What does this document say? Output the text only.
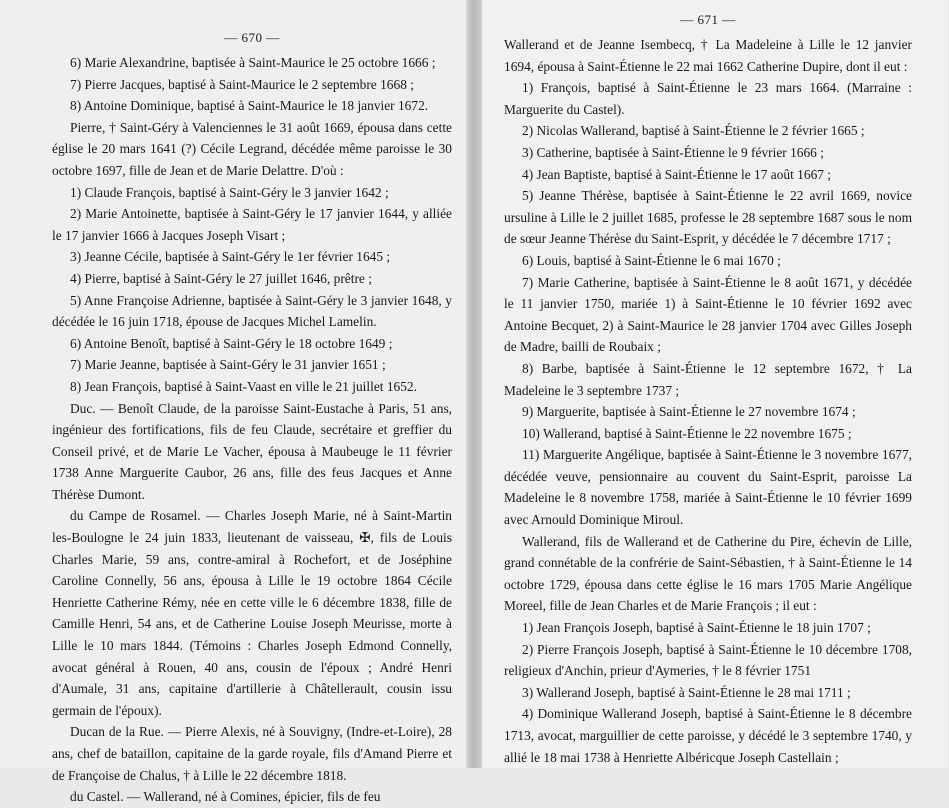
— 670 —

6) Marie Alexandrine, baptisée à Saint-Maurice le 25 octobre 1666 ;

7) Pierre Jacques, baptisé à Saint-Maurice le 2 septembre 1668 ;

8) Antoine Dominique, baptisé à Saint-Maurice le 18 janvier 1672.

Pierre, † Saint-Géry à Valenciennes le 31 août 1669, épousa dans cette église le 20 mars 1641 (?) Cécile Legrand, décédée même paroisse le 30 octobre 1697, fille de Jean et de Marie Delattre. D'où :

1) Claude François, baptisé à Saint-Géry le 3 janvier 1642 ;

2) Marie Antoinette, baptisée à Saint-Géry le 17 janvier 1644, y alliée le 17 janvier 1666 à Jacques Joseph Visart ;

3) Jeanne Cécile, baptisée à Saint-Géry le 1er février 1645 ;

4) Pierre, baptisé à Saint-Géry le 27 juillet 1646, prêtre ;

5) Anne Françoise Adrienne, baptisée à Saint-Géry le 3 janvier 1648, y décédée le 16 juin 1718, épouse de Jacques Michel Lamelin.

6) Antoine Benoît, baptisé à Saint-Géry le 18 octobre 1649 ;

7) Marie Jeanne, baptisée à Saint-Géry le 31 janvier 1651 ;

8) Jean François, baptisé à Saint-Vaast en ville le 21 juillet 1652.

Duc. — Benoît Claude, de la paroisse Saint-Eustache à Paris, 51 ans, ingénieur des fortifications, fils de feu Claude, secrétaire et greffier du Conseil privé, et de Marie Le Vacher, épousa à Maubeuge le 11 février 1738 Anne Marguerite Caubor, 26 ans, fille des feus Jacques et Anne Thérèse Dumont.

du Campe de Rosamel. — Charles Joseph Marie, né à Saint-Martin les-Boulogne le 24 juin 1833, lieutenant de vaisseau, ✠, fils de Louis Charles Marie, 59 ans, contre-amiral à Rochefort, et de Joséphine Caroline Connelly, 56 ans, épousa à Lille le 19 octobre 1864 Cécile Henriette Catherine Rémy, née en cette ville le 6 décembre 1838, fille de Camille Henri, 54 ans, et de Catherine Louise Joseph Meurisse, morte à Lille le 10 mars 1844. (Témoins : Charles Joseph Edmond Connelly, avocat général à Rouen, 40 ans, cousin de l'époux ; André Henri d'Aumale, 31 ans, capitaine d'artillerie à Châtellerault, cousin issu germain de l'époux).

Ducan de la Rue. — Pierre Alexis, né à Souvigny, (Indre-et-Loire), 28 ans, chef de bataillon, capitaine de la garde royale, fils d'Amand Pierre et de Françoise de Chalus, † à Lille le 22 décembre 1818.

du Castel. — Wallerand, né à Comines, épicier, fils de feu

— 671 —

Wallerand et de Jeanne Isembecq, † La Madeleine à Lille le 12 janvier 1694, épousa à Saint-Étienne le 22 mai 1662 Catherine Dupire, dont il eut :

1) François, baptisé à Saint-Étienne le 23 mars 1664. (Marraine : Marguerite du Castel).

2) Nicolas Wallerand, baptisé à Saint-Étienne le 2 février 1665 ;

3) Catherine, baptisée à Saint-Étienne le 9 février 1666 ;

4) Jean Baptiste, baptisé à Saint-Étienne le 17 août 1667 ;

5) Jeanne Thérèse, baptisée à Saint-Étienne le 22 avril 1669, novice ursuline à Lille le 2 juillet 1685, professe le 28 septembre 1687 sous le nom de sœur Jeanne Thérèse du Saint-Esprit, y décédée le 7 décembre 1717 ;

6) Louis, baptisé à Saint-Étienne le 6 mai 1670 ;

7) Marie Catherine, baptisée à Saint-Étienne le 8 août 1671, y décédée le 11 janvier 1750, mariée 1) à Saint-Étienne le 10 février 1692 avec Antoine Becquet, 2) à Saint-Maurice le 28 janvier 1704 avec Gilles Joseph de Madre, bailli de Roubaix ;

8) Barbe, baptisée à Saint-Étienne le 12 septembre 1672, † La Madeleine le 3 septembre 1737 ;

9) Marguerite, baptisée à Saint-Étienne le 27 novembre 1674 ;

10) Wallerand, baptisé à Saint-Étienne le 22 novembre 1675 ;

11) Marguerite Angélique, baptisée à Saint-Étienne le 3 novembre 1677, décédée veuve, pensionnaire au couvent du Saint-Esprit, paroisse La Madeleine le 8 novembre 1758, mariée à Saint-Étienne le 10 février 1699 avec Arnould Dominique Miroul.

Wallerand, fils de Wallerand et de Catherine du Pire, échevin de Lille, grand connétable de la confrérie de Saint-Sébastien, † à Saint-Étienne le 14 octobre 1729, épousa dans cette église le 16 mars 1705 Marie Angélique Moreel, fille de Jean Charles et de Marie François ; il eut :

1) Jean François Joseph, baptisé à Saint-Étienne le 18 juin 1707 ;

2) Pierre François Joseph, baptisé à Saint-Étienne le 10 décembre 1708, religieux d'Anchin, prieur d'Aymeries, † le 8 février 1751

3) Wallerand Joseph, baptisé à Saint-Étienne le 28 mai 1711 ;

4) Dominique Wallerand Joseph, baptisé à Saint-Étienne le 8 décembre 1713, avocat, marguillier de cette paroisse, y décédé le 3 septembre 1740, y allié le 18 mai 1738 à Henriette Albéricque Joseph Castellain ;
